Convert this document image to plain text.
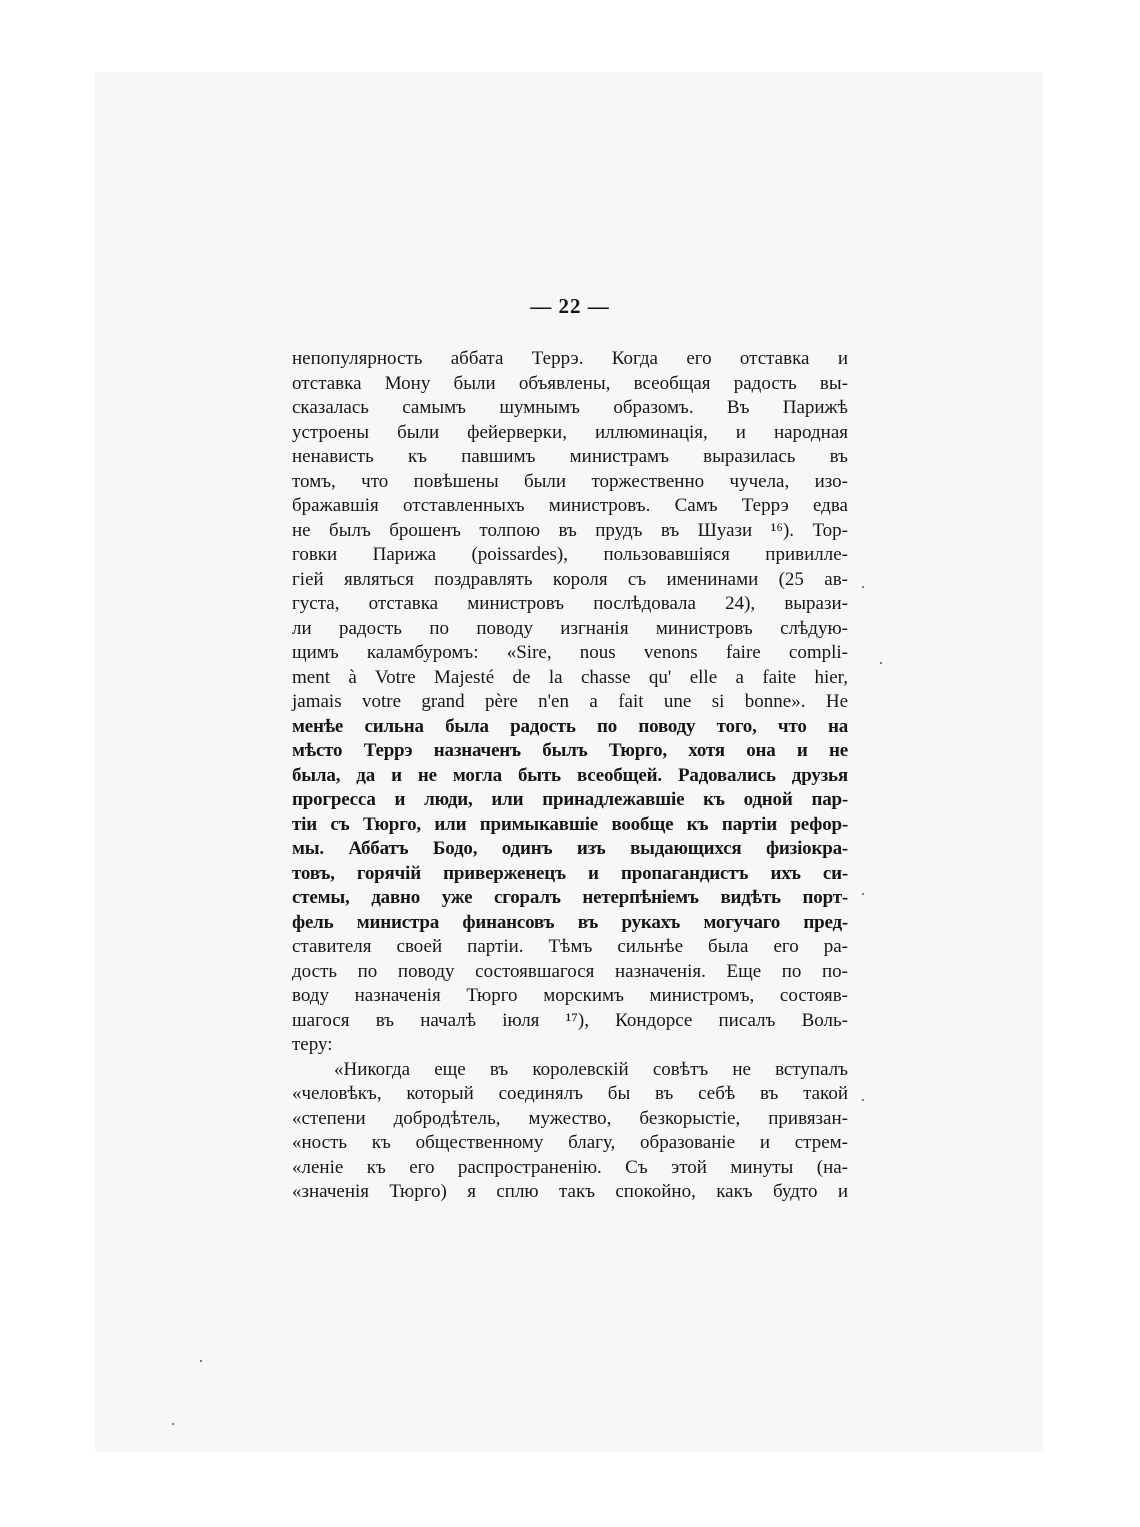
— 22 —
непопулярность аббата Террэ. Когда его отставка и
отставка Мону были объявлены, всеобщая радость вы-
сказалась самымъ шумнымъ образомъ. Въ Парижѣ
устроены были фейерверки, иллюминація, и народная
ненависть къ павшимъ министрамъ выразилась въ
томъ, что повѣшены были торжественно чучела, изо-
бражавшія отставленныхъ министровъ. Самъ Террэ едва
не былъ брошенъ толпою въ прудъ въ Шуази ¹⁶). Тор-
говки Парижа (poissardes), пользовавшіяся привилле-
гіей являться поздравлять короля съ именинами (25 ав-
густа, отставка министровъ послѣдовала 24), вырази-
ли радость по поводу изгнанія министровъ слѣдую-
щимъ каламбуромъ: «Sire, nous venons faire compli-
ment à Votre Majesté de la chasse qu' elle a faite hier,
jamais votre grand père n'en a fait une si bonne». Не
менѣе сильна была радость по поводу того, что на
мѣсто Террэ назначенъ былъ Тюрго, хотя она и не
была, да и не могла быть всеобщей. Радовались друзья
прогресса и люди, или принадлежавшіе къ одной пар-
тіи съ Тюрго, или примыкавшіе вообще къ партіи рефор-
мы. Аббатъ Бодо, одинъ изъ выдающихся физіокра-
товъ, горячій приверженецъ и пропагандистъ ихъ си-
стемы, давно уже сгоралъ нетерпѣніемъ видѣть порт-
фель министра финансовъ въ рукахъ могучаго пред-
ставителя своей партіи. Тѣмъ сильнѣе была его ра-
дость по поводу состоявшагося назначенія. Еще по по-
воду назначенія Тюрго морскимъ министромъ, состояв-
шагося въ началѣ іюля ¹⁷), Кондорсе писалъ Воль-
теру:
«Никогда еще въ королевскій совѣтъ не вступалъ
«человѣкъ, который соединялъ бы въ себѣ въ такой
«степени добродѣтель, мужество, безкорыстіе, привязан-
«ность къ общественному благу, образованіе и стрем-
«леніе къ его распространенію. Съ этой минуты (на-
«значенія Тюрго) я сплю такъ спокойно, какъ будто и
